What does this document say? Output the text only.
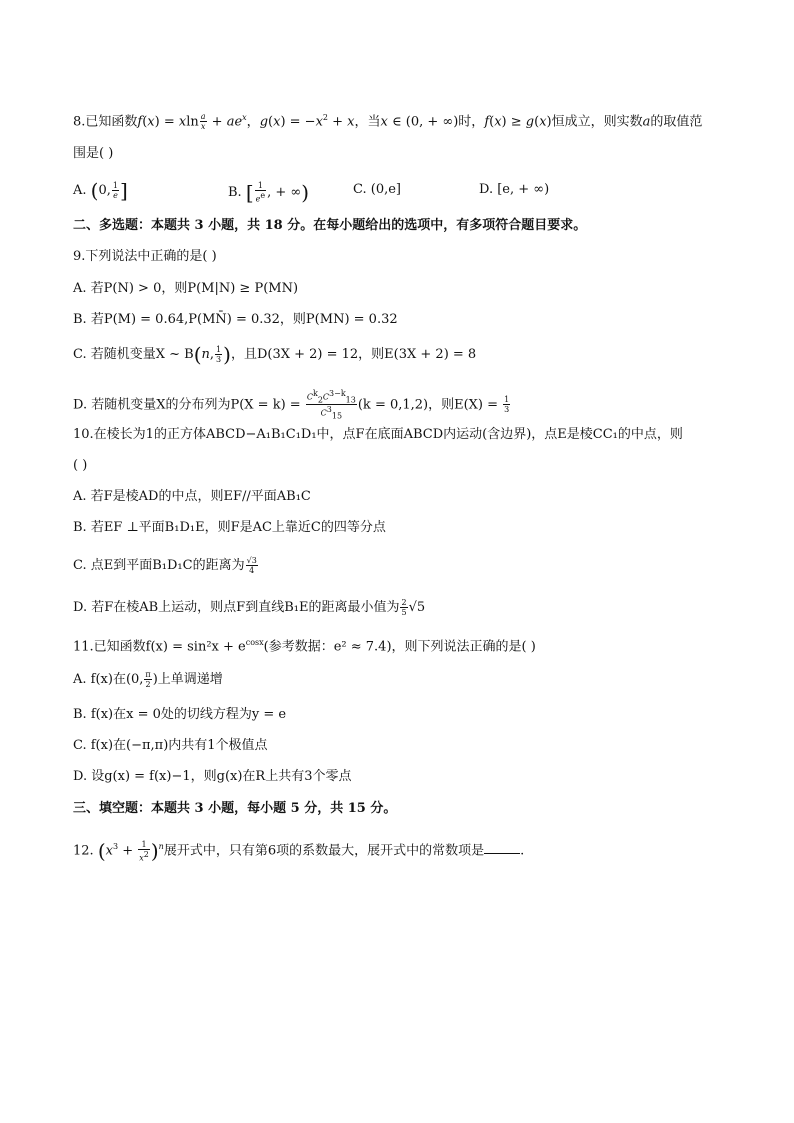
8.已知函数f(x) = xln $\frac{a}{x} + ae^x$，$g(x) = -x^2 + x$，当x ∈ (0, + ∞)时，f(x) ≥ g(x)恒成立，则实数a的取值范
围是( )
A. (0, $\frac{1}{e}$ ]	B. [ $\frac{1}{e^e}$ , + ∞)	C. (0,e]	D. [e, + ∞)
二、多选题：本题共 3 小题，共 18 分。在每小题给出的选项中，有多项符合题目要求。
9.下列说法中正确的是( )
A. 若P(N) > 0，则P(M|N) ≥ P(MN)
B. 若P(M) = 0.64,P(MN̄) = 0.32，则P(MN) = 0.32
C. 若随机变量X ~ B(n, $\frac{1}{3}$ )，且D(3X + 2) = 12，则E(3X + 2) = 8
D. 若随机变量X的分布列为$P(X = k) = \frac{C^k_2C^{3-k}_{13}}{C^3_{15}} (k = 0,1,2)$，则$E(X) = \frac{1}{3}$
10.在棱长为1的正方体ABCD−A₁B₁C₁D₁中，点F在底面ABCD内运动(含边界)，点E是棱CC₁的中点，则
( )
A. 若F是棱AD的中点，则EF//平面AB₁C
B. 若EF ⊥平面B₁D₁E，则F是AC上靠近C的四等分点
C. 点E到平面B₁D₁C的距离为 $\frac{√3}{4}$
D. 若F在棱AB上运动，则点F到直线B₁E的距离最小值为 $\frac{2}{5} √5$
11.已知函数$f(x) = \sin^2x + e^{cosx}$(参考数据：e² ≈ 7.4)，则下列说法正确的是( )
A. f(x)在(0, $\frac{\pi}{2}$ )上单调递增
B. f(x)在x = 0处的切线方程为y = e
C. f(x)在(−π,π)内共有1个极值点
D. 设g(x) = f(x)−1，则g(x)在R上共有3个零点
三、填空题：本题共 3 小题，每小题 5 分，共 15 分。
12. $(x^3 + \frac{1}{x^2} )^n$展开式中，只有第6项的系数最大，展开式中的常数项是	.
